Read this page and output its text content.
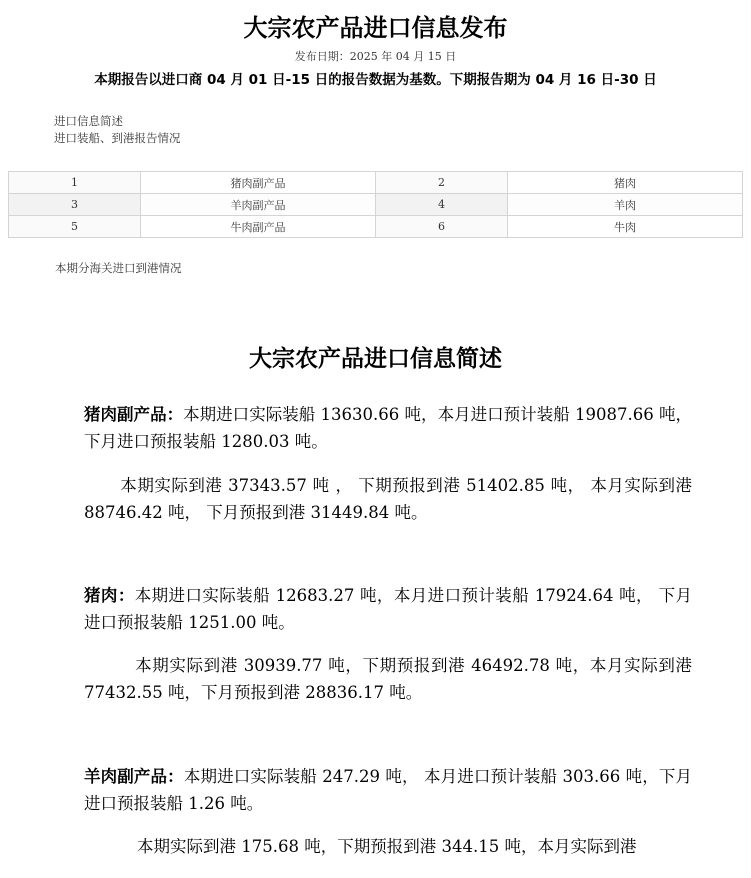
大宗农产品进口信息发布
发布日期：2025 年 04 月 15 日
本期报告以进口商 04 月 01 日-15 日的报告数据为基数。下期报告期为 04 月 16 日-30 日
进口信息简述
进口装船、到港报告情况
1	猪肉副产品	2	猪肉
3	羊肉副产品	4	羊肉
5	牛肉副产品	6	牛肉
本期分海关进口到港情况
大宗农产品进口信息简述

猪肉副产品：本期进口实际装船 13630.66 吨，本月进口预计装船 19087.66 吨，下月进口预报装船 1280.03 吨。

本期实际到港 37343.57 吨 ， 下期预报到港 51402.85 吨， 本月实际到港 88746.42 吨， 下月预报到港 31449.84 吨。

猪肉：本期进口实际装船 12683.27 吨，本月进口预计装船 17924.64 吨， 下月进口预报装船 1251.00 吨。

本期实际到港 30939.77 吨，下期预报到港 46492.78 吨，本月实际到港 77432.55 吨，下月预报到港 28836.17 吨。

羊肉副产品：本期进口实际装船 247.29 吨， 本月进口预计装船 303.66 吨，下月进口预报装船 1.26 吨。

本期实际到港 175.68 吨，下期预报到港 344.15 吨，本月实际到港
